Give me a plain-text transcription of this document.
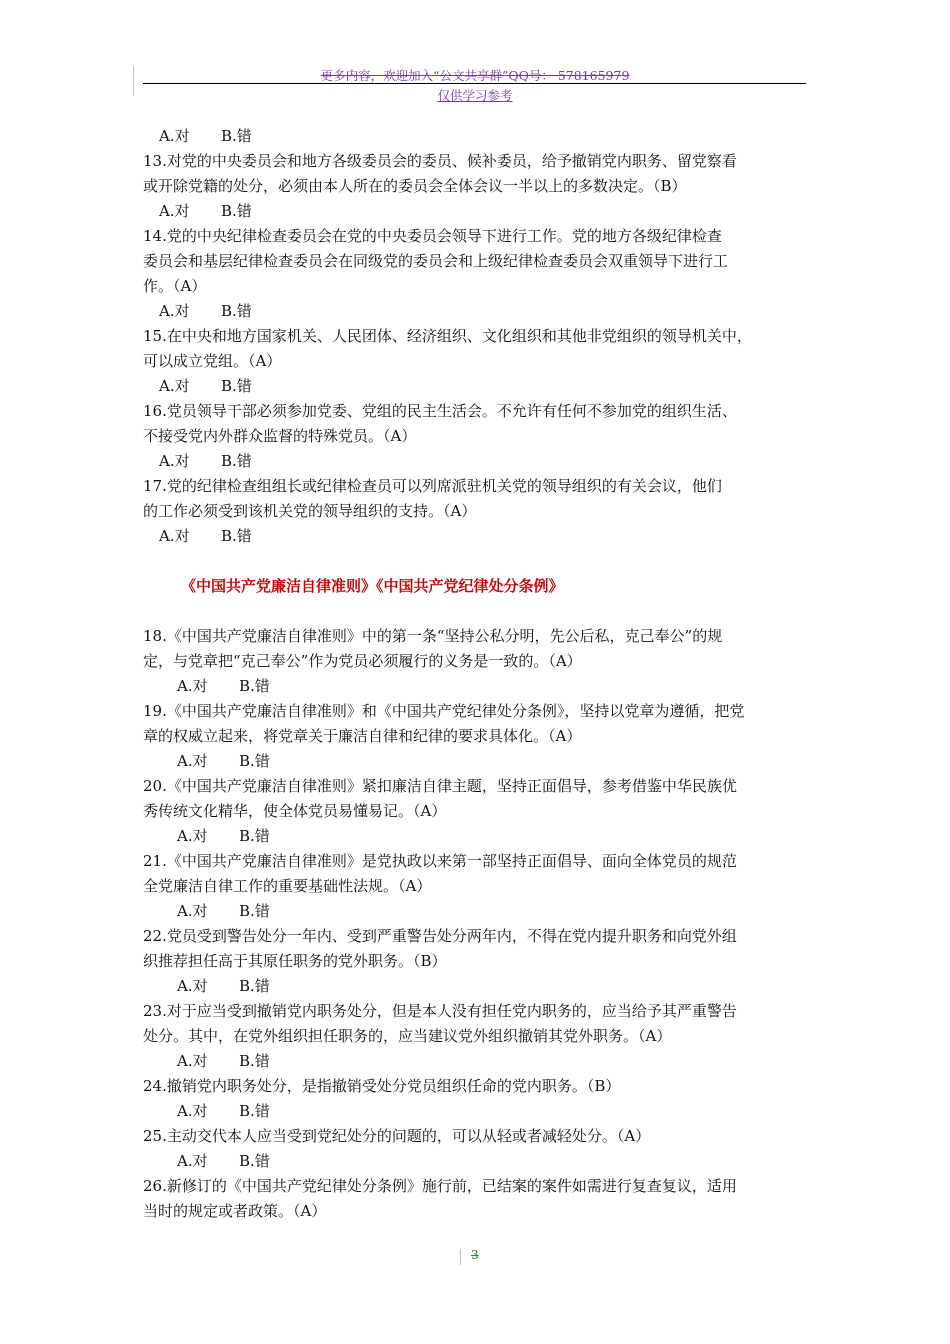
更多内容，欢迎加入“公文共享群”QQ号： 578165979
仅供学习参考
A.对 B.错
13.对党的中央委员会和地方各级委员会的委员、候补委员，给予撤销党内职务、留党察看
或开除党籍的处分，必须由本人所在的委员会全体会议一半以上的多数决定。（B）
A.对 B.错
14.党的中央纪律检查委员会在党的中央委员会领导下进行工作。党的地方各级纪律检查
委员会和基层纪律检查委员会在同级党的委员会和上级纪律检查委员会双重领导下进行工
作。（A）
A.对 B.错
15.在中央和地方国家机关、人民团体、经济组织、文化组织和其他非党组织的领导机关中，
可以成立党组。（A）
A.对 B.错
16.党员领导干部必须参加党委、党组的民主生活会。不允许有任何不参加党的组织生活、
不接受党内外群众监督的特殊党员。（A）
A.对 B.错
17.党的纪律检查组组长或纪律检查员可以列席派驻机关党的领导组织的有关会议，他们
的工作必须受到该机关党的领导组织的支持。（A）
A.对 B.错
《中国共产党廉洁自律准则》《中国共产党纪律处分条例》
18.《中国共产党廉洁自律准则》中的第一条“坚持公私分明，先公后私，克己奉公”的规
定，与党章把“克己奉公”作为党员必须履行的义务是一致的。（A）
A.对 B.错
19.《中国共产党廉洁自律准则》和《中国共产党纪律处分条例》，坚持以党章为遵循，把党
章的权威立起来，将党章关于廉洁自律和纪律的要求具体化。（A）
A.对 B.错
20.《中国共产党廉洁自律准则》紧扣廉洁自律主题，坚持正面倡导，参考借鉴中华民族优
秀传统文化精华，使全体党员易懂易记。（A）
A.对 B.错
21.《中国共产党廉洁自律准则》是党执政以来第一部坚持正面倡导、面向全体党员的规范
全党廉洁自律工作的重要基础性法规。（A）
A.对 B.错
22.党员受到警告处分一年内、受到严重警告处分两年内，不得在党内提升职务和向党外组
织推荐担任高于其原任职务的党外职务。（B）
A.对 B.错
23.对于应当受到撤销党内职务处分，但是本人没有担任党内职务的，应当给予其严重警告
处分。其中，在党外组织担任职务的，应当建议党外组织撤销其党外职务。（A）
A.对 B.错
24.撤销党内职务处分，是指撤销受处分党员组织任命的党内职务。（B）
A.对 B.错
25.主动交代本人应当受到党纪处分的问题的，可以从轻或者减轻处分。（A）
A.对 B.错
26.新修订的《中国共产党纪律处分条例》施行前，已结案的案件如需进行复查复议，适用
当时的规定或者政策。（A）
3
